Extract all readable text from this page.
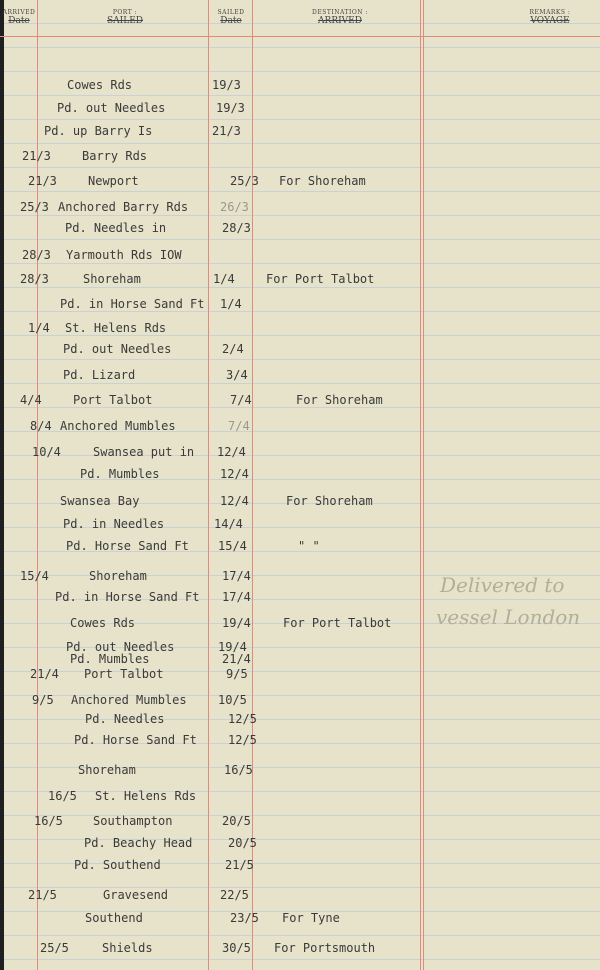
ARRIVED
Date
PORT :
SAILED
SAILED
Date
DESTINATION :
ARRIVED
REMARKS :
VOYAGE
Cowes Rds	19/3
Pd. out Needles	19/3
Pd. up Barry Is	21/3
21/3	Barry Rds
21/3	Newport	25/3 For Shoreham
25/3 Anchored Barry Rds	26/3
Pd. Needles in	28/3
28/3 Yarmouth Rds IOW
28/3	Shoreham	1/4	For Port Talbot
Pd. in Horse Sand Ft 1/4
1/4 St. Helens Rds
Pd. out Needles	2/4
Pd. Lizard	3/4
4/4	Port Talbot	7/4	For Shoreham
8/4 Anchored Mumbles	7/4
10/4	Swansea put in 12/4
Pd. Mumbles	12/4
Swansea Bay	12/4	For Shoreham
Pd. in Needles	14/4
Pd. Horse Sand Ft 15/4	" "
15/4	Shoreham	17/4
Pd. in Horse Sand Ft 17/4
Cowes Rds	19/4	For Port Talbot
Pd. out Needles	19/4
Pd. Mumbles	21/4
21/4 Port Talbot	9/5
9/5 Anchored Mumbles	10/5
Pd. Needles	12/5
Pd. Horse Sand Ft	12/5
Shoreham	16/5
16/5 St. Helens Rds
16/5	Southampton	20/5
Pd. Beachy Head	20/5
Pd. Southend	21/5
21/5	Gravesend	22/5
Southend	23/5 For Tyne
25/5	Shields	30/5 For Portsmouth
Delivered to
vessel London
